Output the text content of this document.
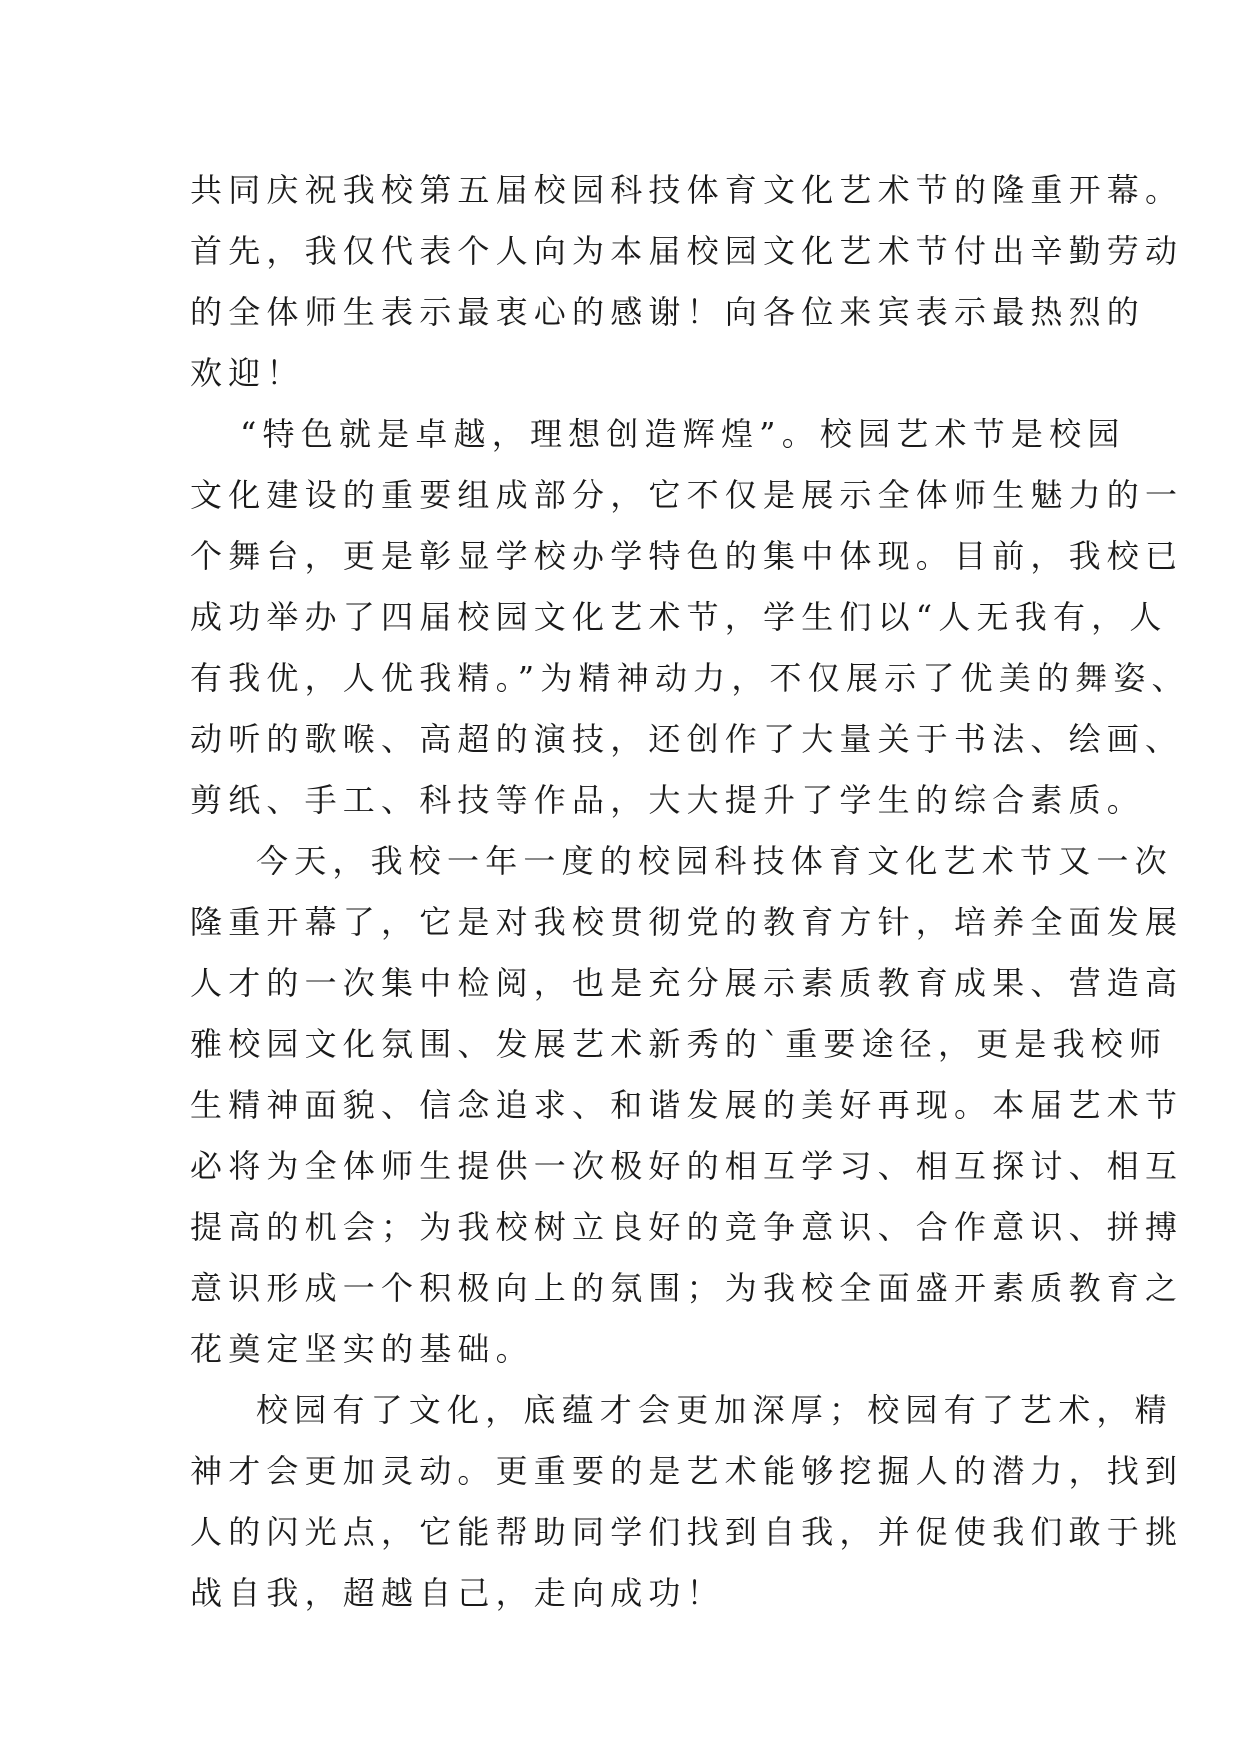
共同庆祝我校第五届校园科技体育文化艺术节的隆重开幕。
首先，我仅代表个人向为本届校园文化艺术节付出辛勤劳动
的全体师生表示最衷心的感谢！向各位来宾表示最热烈的
欢迎！
“特色就是卓越，理想创造辉煌”。校园艺术节是校园
文化建设的重要组成部分，它不仅是展示全体师生魅力的一
个舞台，更是彰显学校办学特色的集中体现。目前，我校已
成功举办了四届校园文化艺术节，学生们以“人无我有，人
有我优，人优我精。”为精神动力，不仅展示了优美的舞姿、
动听的歌喉、高超的演技，还创作了大量关于书法、绘画、
剪纸、手工、科技等作品，大大提升了学生的综合素质。
今天，我校一年一度的校园科技体育文化艺术节又一次
隆重开幕了，它是对我校贯彻党的教育方针，培养全面发展
人才的一次集中检阅，也是充分展示素质教育成果、营造高
雅校园文化氛围、发展艺术新秀的`重要途径，更是我校师
生精神面貌、信念追求、和谐发展的美好再现。本届艺术节
必将为全体师生提供一次极好的相互学习、相互探讨、相互
提高的机会；为我校树立良好的竞争意识、合作意识、拼搏
意识形成一个积极向上的氛围；为我校全面盛开素质教育之
花奠定坚实的基础。
校园有了文化，底蕴才会更加深厚；校园有了艺术，精
神才会更加灵动。更重要的是艺术能够挖掘人的潜力，找到
人的闪光点，它能帮助同学们找到自我，并促使我们敢于挑
战自我，超越自己，走向成功！
